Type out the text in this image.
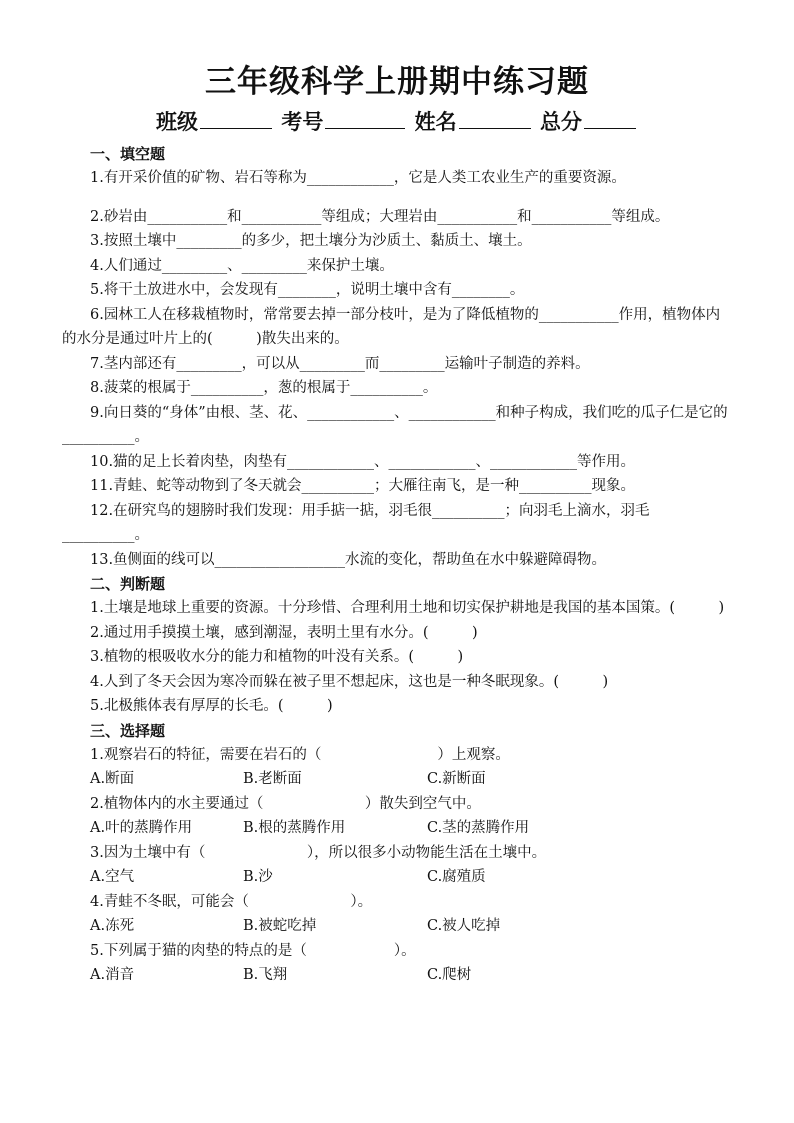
三年级科学上册期中练习题
班级	考号	姓名	总分
一、填空题
1.有开采价值的矿物、岩石等称为____________，它是人类工农业生产的重要资源。
2.砂岩由___________和___________等组成；大理岩由___________和___________等组成。
3.按照土壤中_________的多少，把土壤分为沙质土、黏质土、壤土。
4.人们通过_________、_________来保护土壤。
5.将干土放进水中，会发现有________，说明土壤中含有________。
6.园林工人在移栽植物时，常常要去掉一部分枝叶，是为了降低植物的___________作用，植物体内的水分是通过叶片上的(　　　)散失出来的。
7.茎内部还有_________，可以从_________而_________运输叶子制造的养料。
8.菠菜的根属于__________，葱的根属于__________。
9.向日葵的“身体”由根、茎、花、____________、____________和种子构成，我们吃的瓜子仁是它的__________。
10.猫的足上长着肉垫，肉垫有____________、____________、____________等作用。
11.青蛙、蛇等动物到了冬天就会__________；大雁往南飞，是一种__________现象。
12.在研究鸟的翅膀时我们发现：用手掂一掂，羽毛很__________；向羽毛上滴水，羽毛__________。
13.鱼侧面的线可以__________________水流的变化，帮助鱼在水中躲避障碍物。
二、判断题
1.土壤是地球上重要的资源。十分珍惜、合理利用土地和切实保护耕地是我国的基本国策。(　　　)
2.通过用手摸摸土壤，感到潮湿，表明土里有水分。(　　　)
3.植物的根吸收水分的能力和植物的叶没有关系。(　　　)
4.人到了冬天会因为寒冷而躲在被子里不想起床，这也是一种冬眠现象。(　　　)
5.北极熊体表有厚厚的长毛。(　　　)
三、选择题
1.观察岩石的特征，需要在岩石的（　　　　　　　　）上观察。
A.断面	B.老断面	C.新断面
2.植物体内的水主要通过（　　　　　　　）散失到空气中。
A.叶的蒸腾作用	B.根的蒸腾作用	C.茎的蒸腾作用
3.因为土壤中有（　　　　　　　），所以很多小动物能生活在土壤中。
A.空气	B.沙	C.腐殖质
4.青蛙不冬眠，可能会（　　　　　　　）。
A.冻死	B.被蛇吃掉	C.被人吃掉
5.下列属于猫的肉垫的特点的是（　　　　　　）。
A.消音	B.飞翔	C.爬树
